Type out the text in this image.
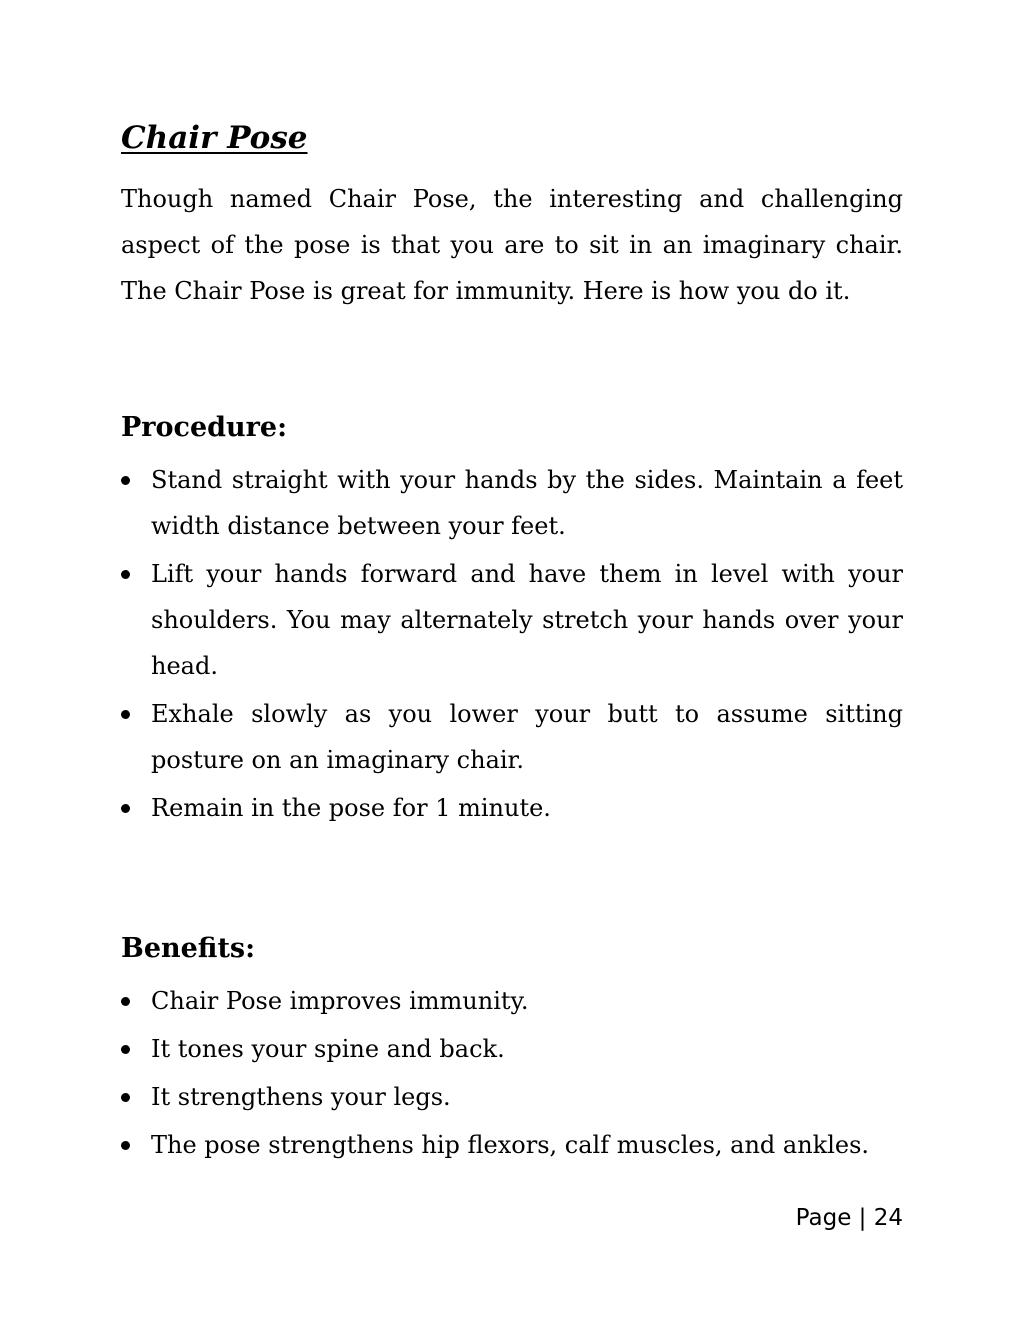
Chair Pose

Though named Chair Pose, the interesting and challenging aspect of the pose is that you are to sit in an imaginary chair. The Chair Pose is great for immunity. Here is how you do it.

Procedure:
Stand straight with your hands by the sides. Maintain a feet width distance between your feet.
Lift your hands forward and have them in level with your shoulders. You may alternately stretch your hands over your head.
Exhale slowly as you lower your butt to assume sitting posture on an imaginary chair.
Remain in the pose for 1 minute.
Benefits:
Chair Pose improves immunity.
It tones your spine and back.
It strengthens your legs.
The pose strengthens hip flexors, calf muscles, and ankles.
Page | 24
